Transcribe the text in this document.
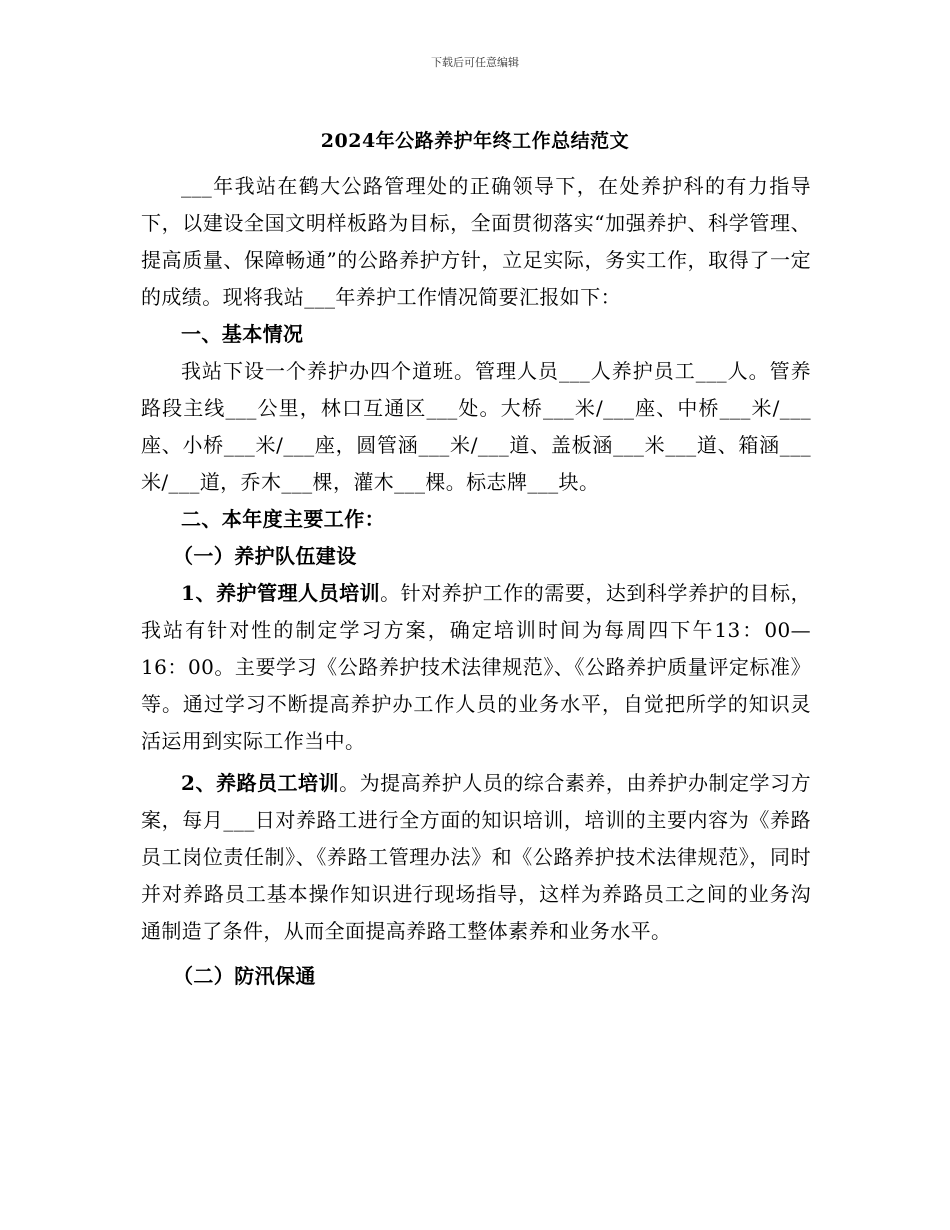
下载后可任意编辑
2024年公路养护年终工作总结范文

___年我站在鹤大公路管理处的正确领导下，在处养护科的有力指导下，以建设全国文明样板路为目标，全面贯彻落实“加强养护、科学管理、提高质量、保障畅通”的公路养护方针，立足实际，务实工作，取得了一定的成绩。现将我站___年养护工作情况简要汇报如下：

一、基本情况

我站下设一个养护办四个道班。管理人员___人养护员工___人。管养路段主线___公里，林口互通区___处。大桥___米/___座、中桥___米/___座、小桥___米/___座，圆管涵___米/___道、盖板涵___米___道、箱涵___米/___道，乔木___棵，灌木___棵。标志牌___块。

二、本年度主要工作：

（一）养护队伍建设

1、养护管理人员培训。针对养护工作的需要，达到科学养护的目标，我站有针对性的制定学习方案，确定培训时间为每周四下午13：00—16：00。主要学习《公路养护技术法律规范》、《公路养护质量评定标准》等。通过学习不断提高养护办工作人员的业务水平，自觉把所学的知识灵活运用到实际工作当中。

2、养路员工培训。为提高养护人员的综合素养，由养护办制定学习方案，每月___日对养路工进行全方面的知识培训，培训的主要内容为《养路员工岗位责任制》、《养路工管理办法》和《公路养护技术法律规范》，同时并对养路员工基本操作知识进行现场指导，这样为养路员工之间的业务沟通制造了条件，从而全面提高养路工整体素养和业务水平。

（二）防汛保通
